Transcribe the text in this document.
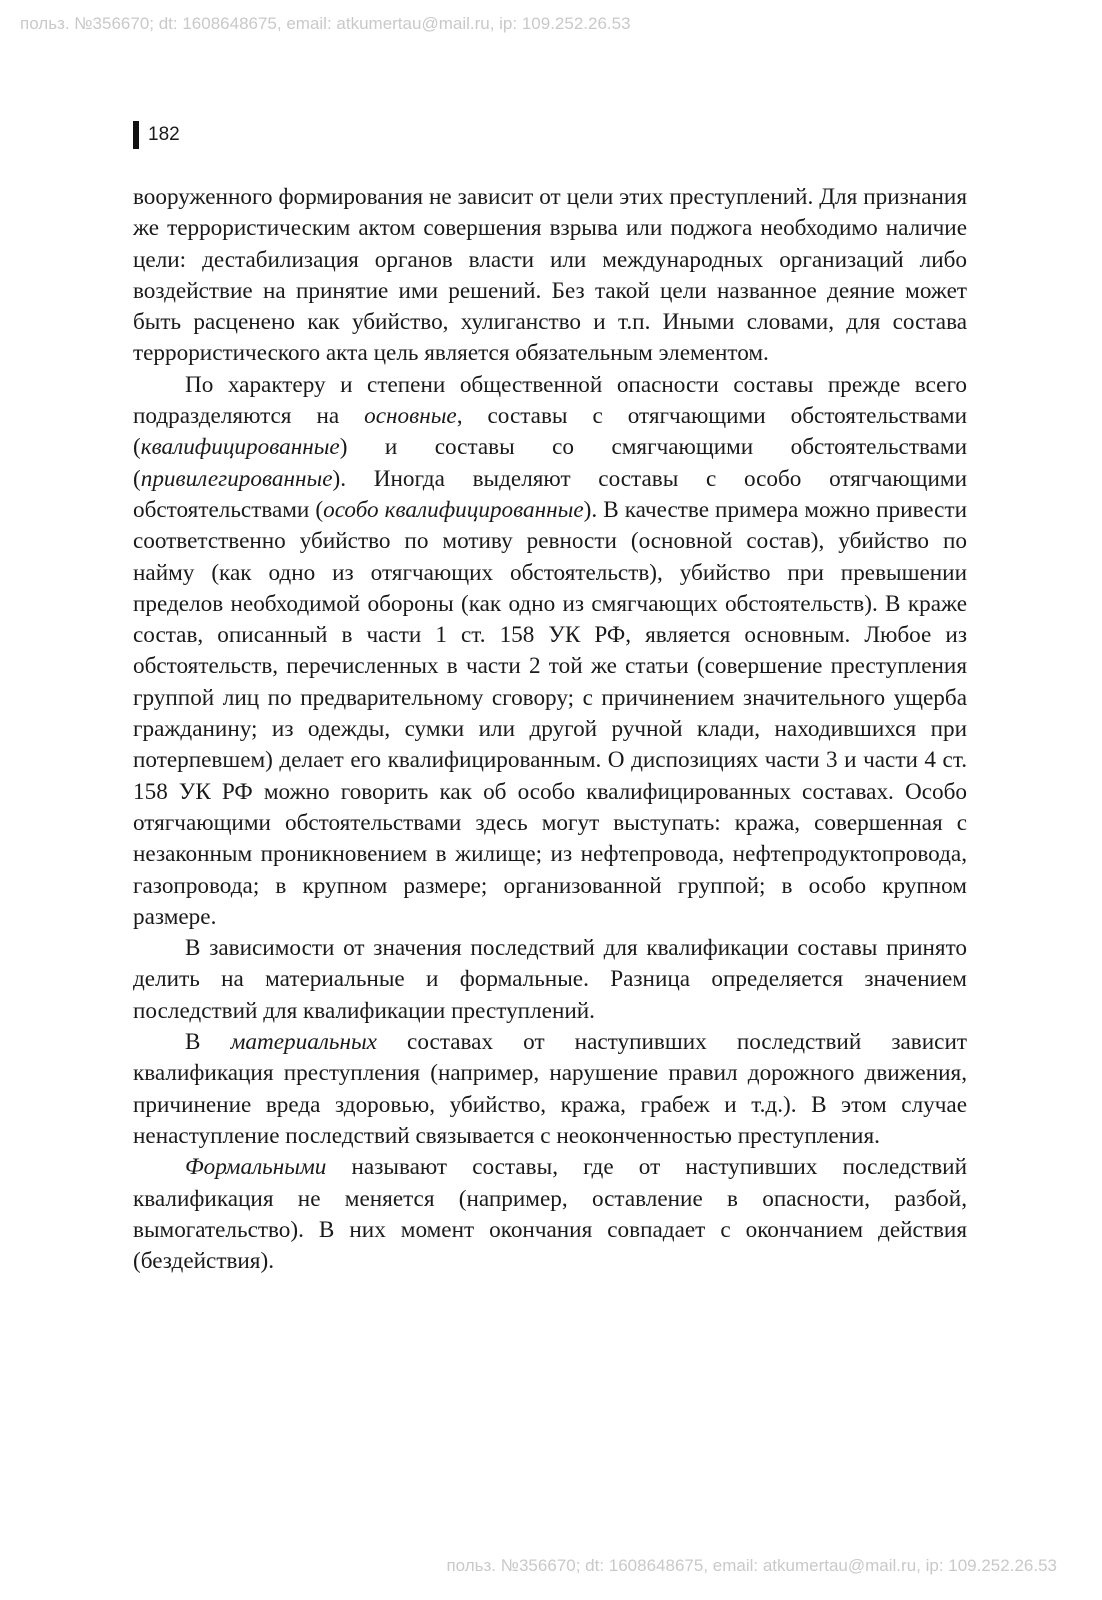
польз. №356670; dt: 1608648675, email: atkumertau@mail.ru, ip: 109.252.26.53
182

вооруженного формирования не зависит от цели этих преступлений. Для признания же террористическим актом совершения взрыва или поджога необходимо наличие цели: дестабилизация органов власти или международных организаций либо воздействие на принятие ими решений. Без такой цели названное деяние может быть расценено как убийство, хулиганство и т.п. Иными словами, для состава террористического акта цель является обязательным элементом.

По характеру и степени общественной опасности составы прежде всего подразделяются на основные, составы с отягчающими обстоятельствами (квалифицированные) и составы со смягчающими обстоятельствами (привилегированные). Иногда выделяют составы с особо отягчающими обстоятельствами (особо квалифицированные). В качестве примера можно привести соответственно убийство по мотиву ревности (основной состав), убийство по найму (как одно из отягчающих обстоятельств), убийство при превышении пределов необходимой обороны (как одно из смягчающих обстоятельств). В краже состав, описанный в части 1 ст. 158 УК РФ, является основным. Любое из обстоятельств, перечисленных в части 2 той же статьи (совершение преступления группой лиц по предварительному сговору; с причинением значительного ущерба гражданину; из одежды, сумки или другой ручной клади, находившихся при потерпевшем) делает его квалифицированным. О диспозициях части 3 и части 4 ст. 158 УК РФ можно говорить как об особо квалифицированных составах. Особо отягчающими обстоятельствами здесь могут выступать: кража, совершенная с незаконным проникновением в жилище; из нефтепровода, нефтепродуктопровода, газопровода; в крупном размере; организованной группой; в особо крупном размере.

В зависимости от значения последствий для квалификации составы принято делить на материальные и формальные. Разница определяется значением последствий для квалификации преступлений.

В материальных составах от наступивших последствий зависит квалификация преступления (например, нарушение правил дорожного движения, причинение вреда здоровью, убийство, кража, грабеж и т.д.). В этом случае ненаступление последствий связывается с неоконченностью преступления.

Формальными называют составы, где от наступивших последствий квалификация не меняется (например, оставление в опасности, разбой, вымогательство). В них момент окончания совпадает с окончанием действия (бездействия).

польз. №356670; dt: 1608648675, email: atkumertau@mail.ru, ip: 109.252.26.53
